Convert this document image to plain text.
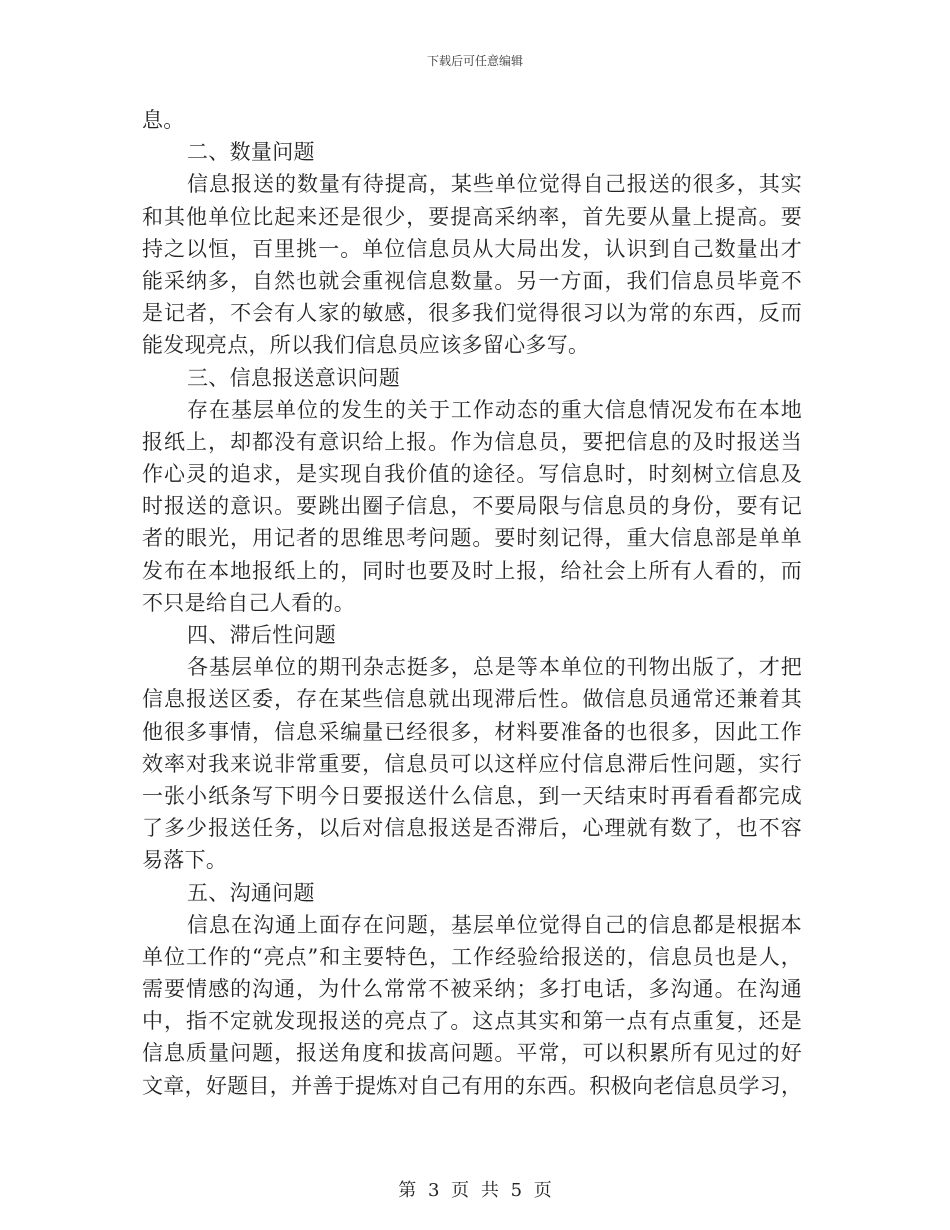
下载后可任意编辑
息。
二、数量问题
信息报送的数量有待提高，某些单位觉得自己报送的很多，其实
和其他单位比起来还是很少，要提高采纳率，首先要从量上提高。要
持之以恒，百里挑一。单位信息员从大局出发，认识到自己数量出才
能采纳多，自然也就会重视信息数量。另一方面，我们信息员毕竟不
是记者，不会有人家的敏感，很多我们觉得很习以为常的东西，反而
能发现亮点，所以我们信息员应该多留心多写。
三、信息报送意识问题
存在基层单位的发生的关于工作动态的重大信息情况发布在本地
报纸上，却都没有意识给上报。作为信息员，要把信息的及时报送当
作心灵的追求，是实现自我价值的途径。写信息时，时刻树立信息及
时报送的意识。要跳出圈子信息，不要局限与信息员的身份，要有记
者的眼光，用记者的思维思考问题。要时刻记得，重大信息部是单单
发布在本地报纸上的，同时也要及时上报，给社会上所有人看的，而
不只是给自己人看的。
四、滞后性问题
各基层单位的期刊杂志挺多，总是等本单位的刊物出版了，才把
信息报送区委，存在某些信息就出现滞后性。做信息员通常还兼着其
他很多事情，信息采编量已经很多，材料要准备的也很多，因此工作
效率对我来说非常重要，信息员可以这样应付信息滞后性问题，实行
一张小纸条写下明今日要报送什么信息，到一天结束时再看看都完成
了多少报送任务，以后对信息报送是否滞后，心理就有数了，也不容
易落下。
五、沟通问题
信息在沟通上面存在问题，基层单位觉得自己的信息都是根据本
单位工作的“亮点”和主要特色，工作经验给报送的，信息员也是人，
需要情感的沟通，为什么常常不被采纳；多打电话，多沟通。在沟通
中，指不定就发现报送的亮点了。这点其实和第一点有点重复，还是
信息质量问题，报送角度和拔高问题。平常，可以积累所有见过的好
文章，好题目，并善于提炼对自己有用的东西。积极向老信息员学习，
第 3 页 共 5 页
